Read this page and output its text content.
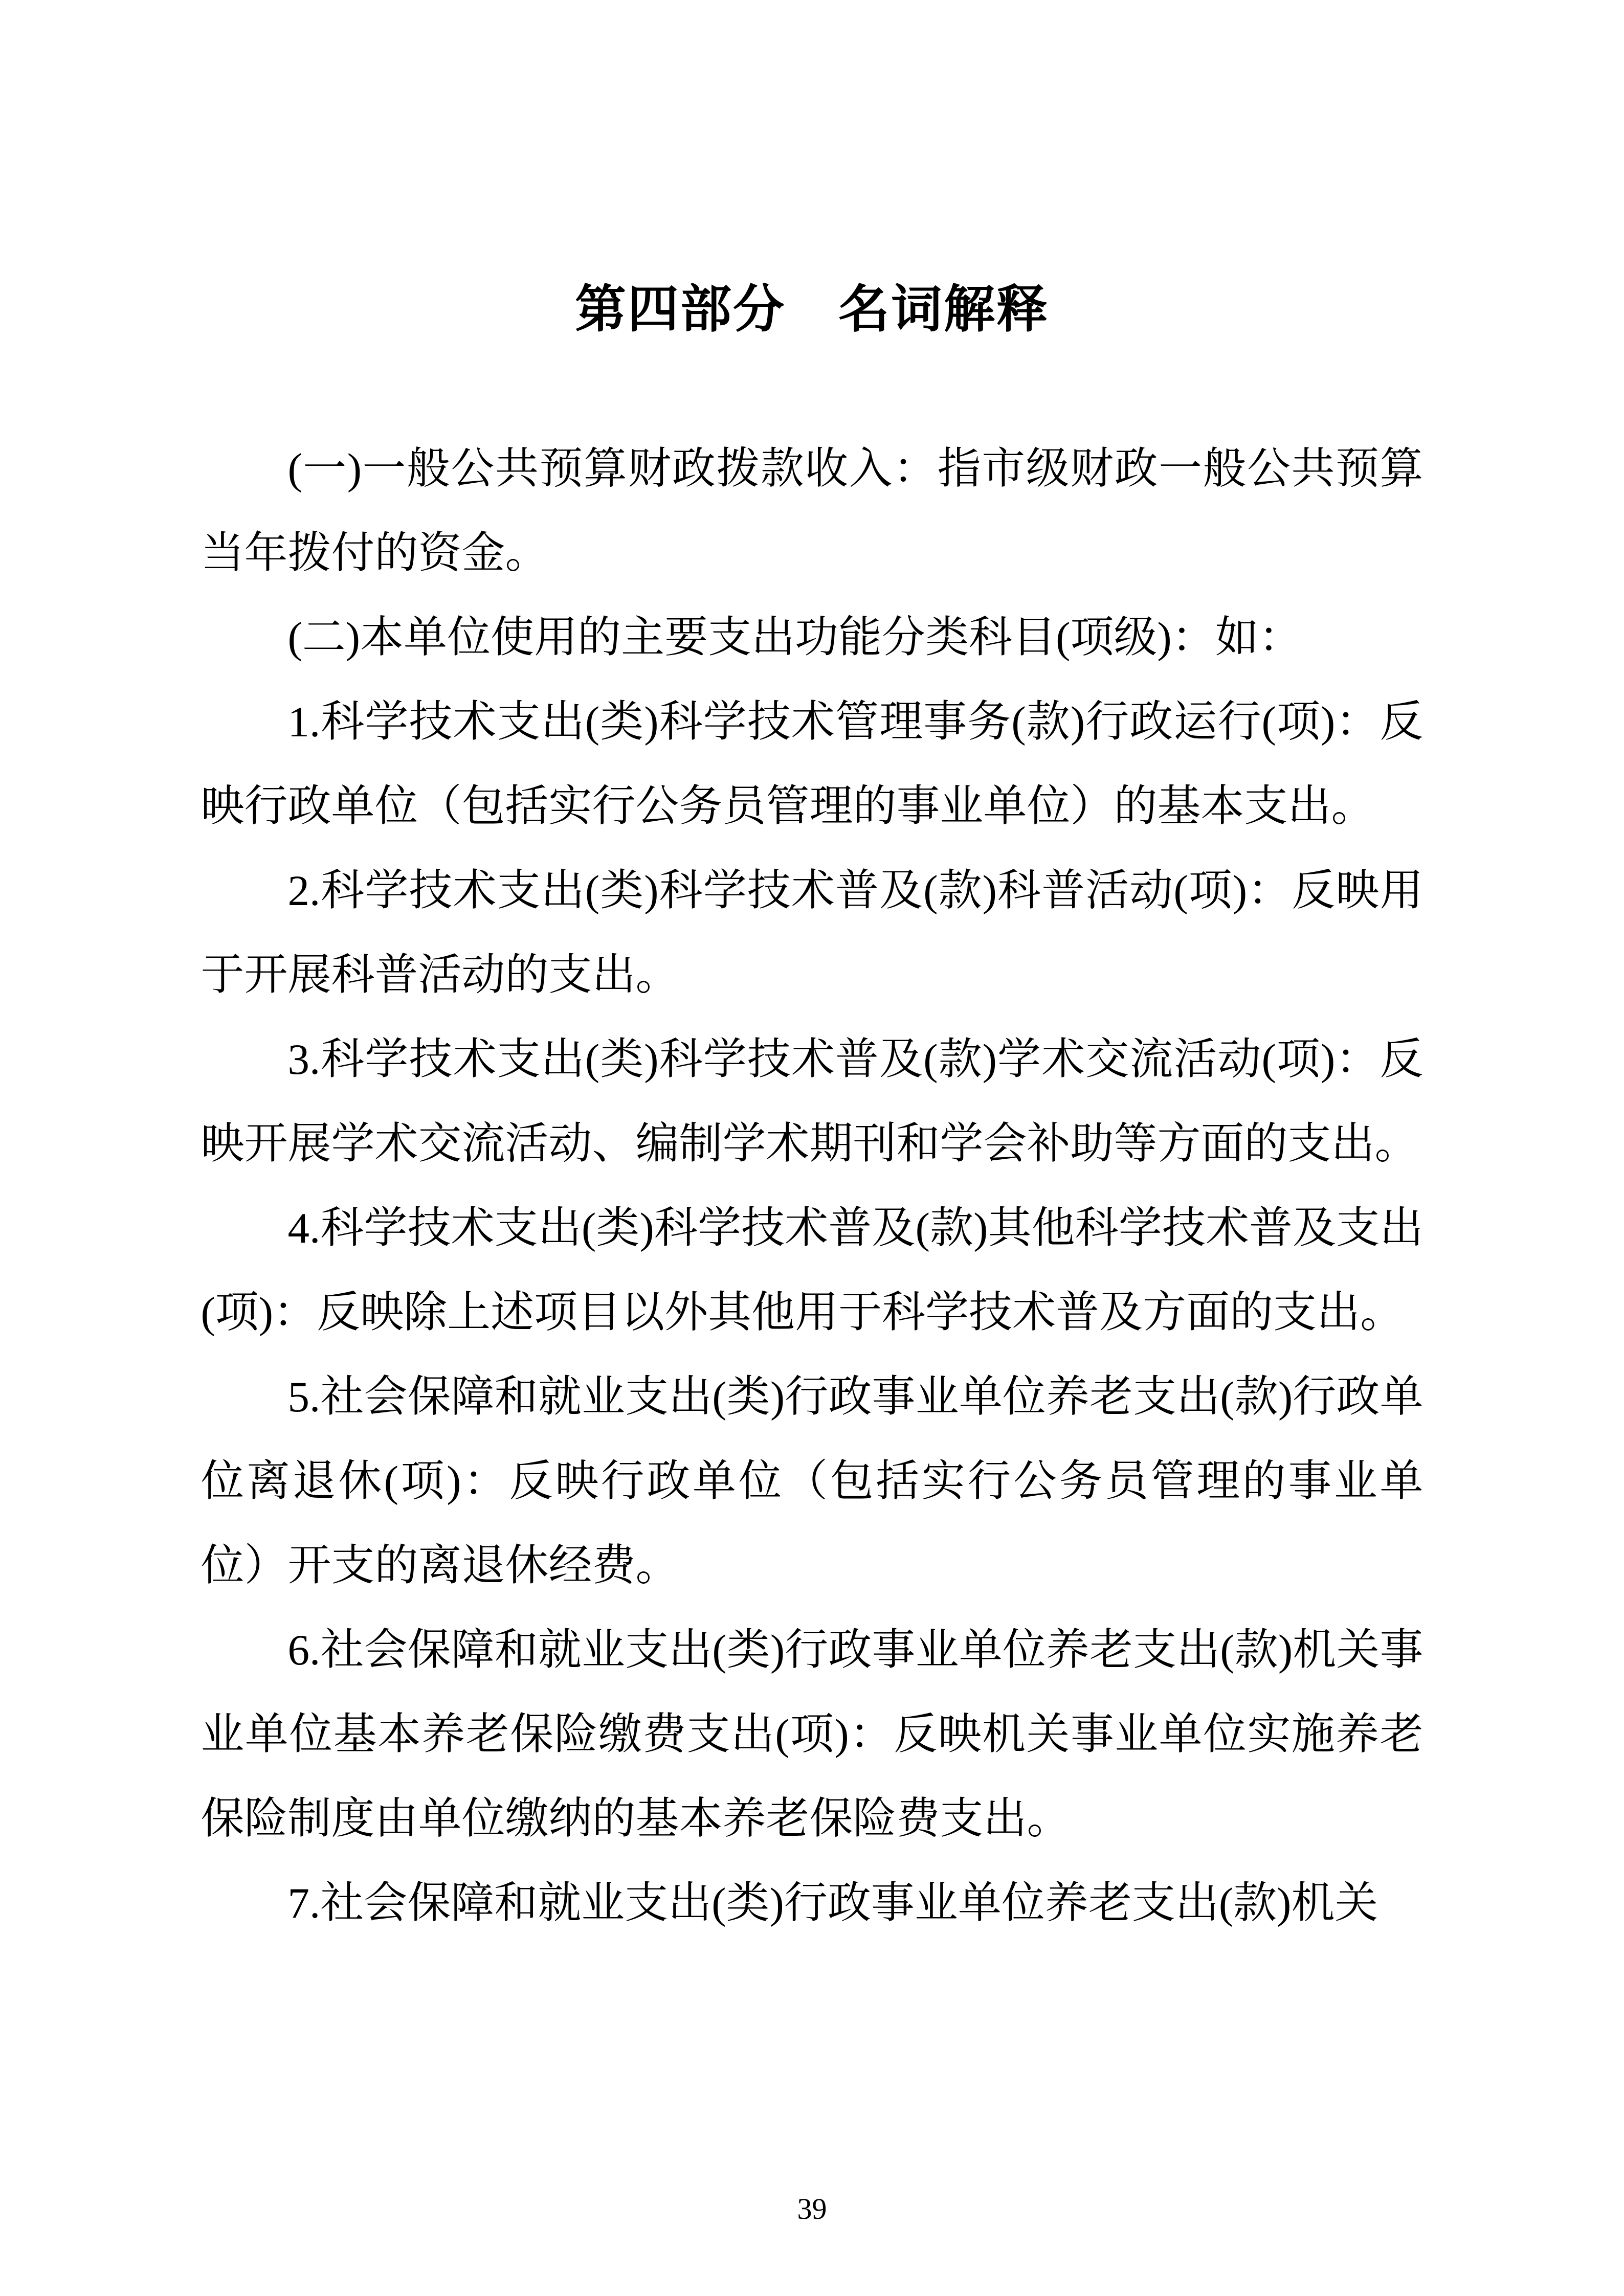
第四部分　名词解释

(一)一般公共预算财政拨款收入：指市级财政一般公共预算当年拨付的资金。

(二)本单位使用的主要支出功能分类科目(项级)：如：

1.科学技术支出(类)科学技术管理事务(款)行政运行(项)：反映行政单位（包括实行公务员管理的事业单位）的基本支出。

2.科学技术支出(类)科学技术普及(款)科普活动(项)：反映用于开展科普活动的支出。

3.科学技术支出(类)科学技术普及(款)学术交流活动(项)：反映开展学术交流活动、编制学术期刊和学会补助等方面的支出。

4.科学技术支出(类)科学技术普及(款)其他科学技术普及支出(项)：反映除上述项目以外其他用于科学技术普及方面的支出。

5.社会保障和就业支出(类)行政事业单位养老支出(款)行政单位离退休(项)：反映行政单位（包括实行公务员管理的事业单位）开支的离退休经费。

6.社会保障和就业支出(类)行政事业单位养老支出(款)机关事业单位基本养老保险缴费支出(项)：反映机关事业单位实施养老保险制度由单位缴纳的基本养老保险费支出。

7.社会保障和就业支出(类)行政事业单位养老支出(款)机关

39
